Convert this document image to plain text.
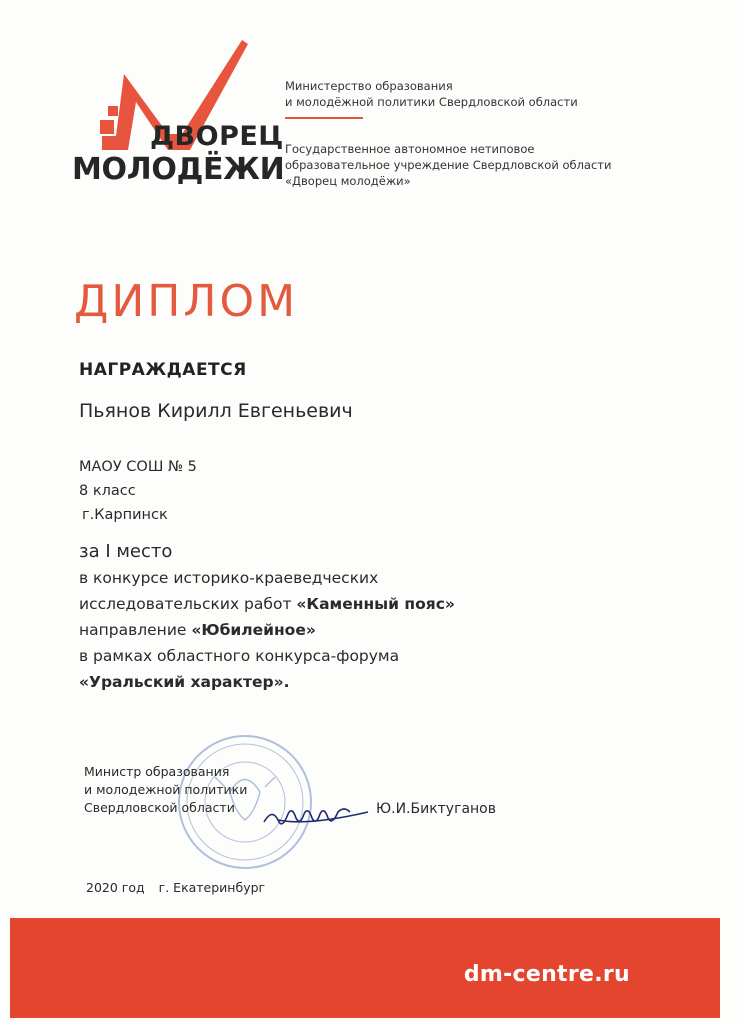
ДВОРЕЦ
МОЛОДЁЖИ
Министерство образования
и молодёжной политики Свердловской области
Государственное автономное нетиповое
образовательное учреждение Свердловской области
«Дворец молодёжи»
ДИПЛОМ
НАГРАЖДАЕТСЯ
Пьянов Кирилл Евгеньевич
МАОУ СОШ № 5
8 класс
г.Карпинск
за I место
в конкурсе историко-краеведческих
исследовательских работ «Каменный пояс»
направление «Юбилейное»
в рамках областного конкурса-форума
«Уральский характер».
Министр образования
и молодежной политики
Свердловской области	Ю.И.Биктуганов
2020 год г. Екатеринбург
dm-centre.ru
